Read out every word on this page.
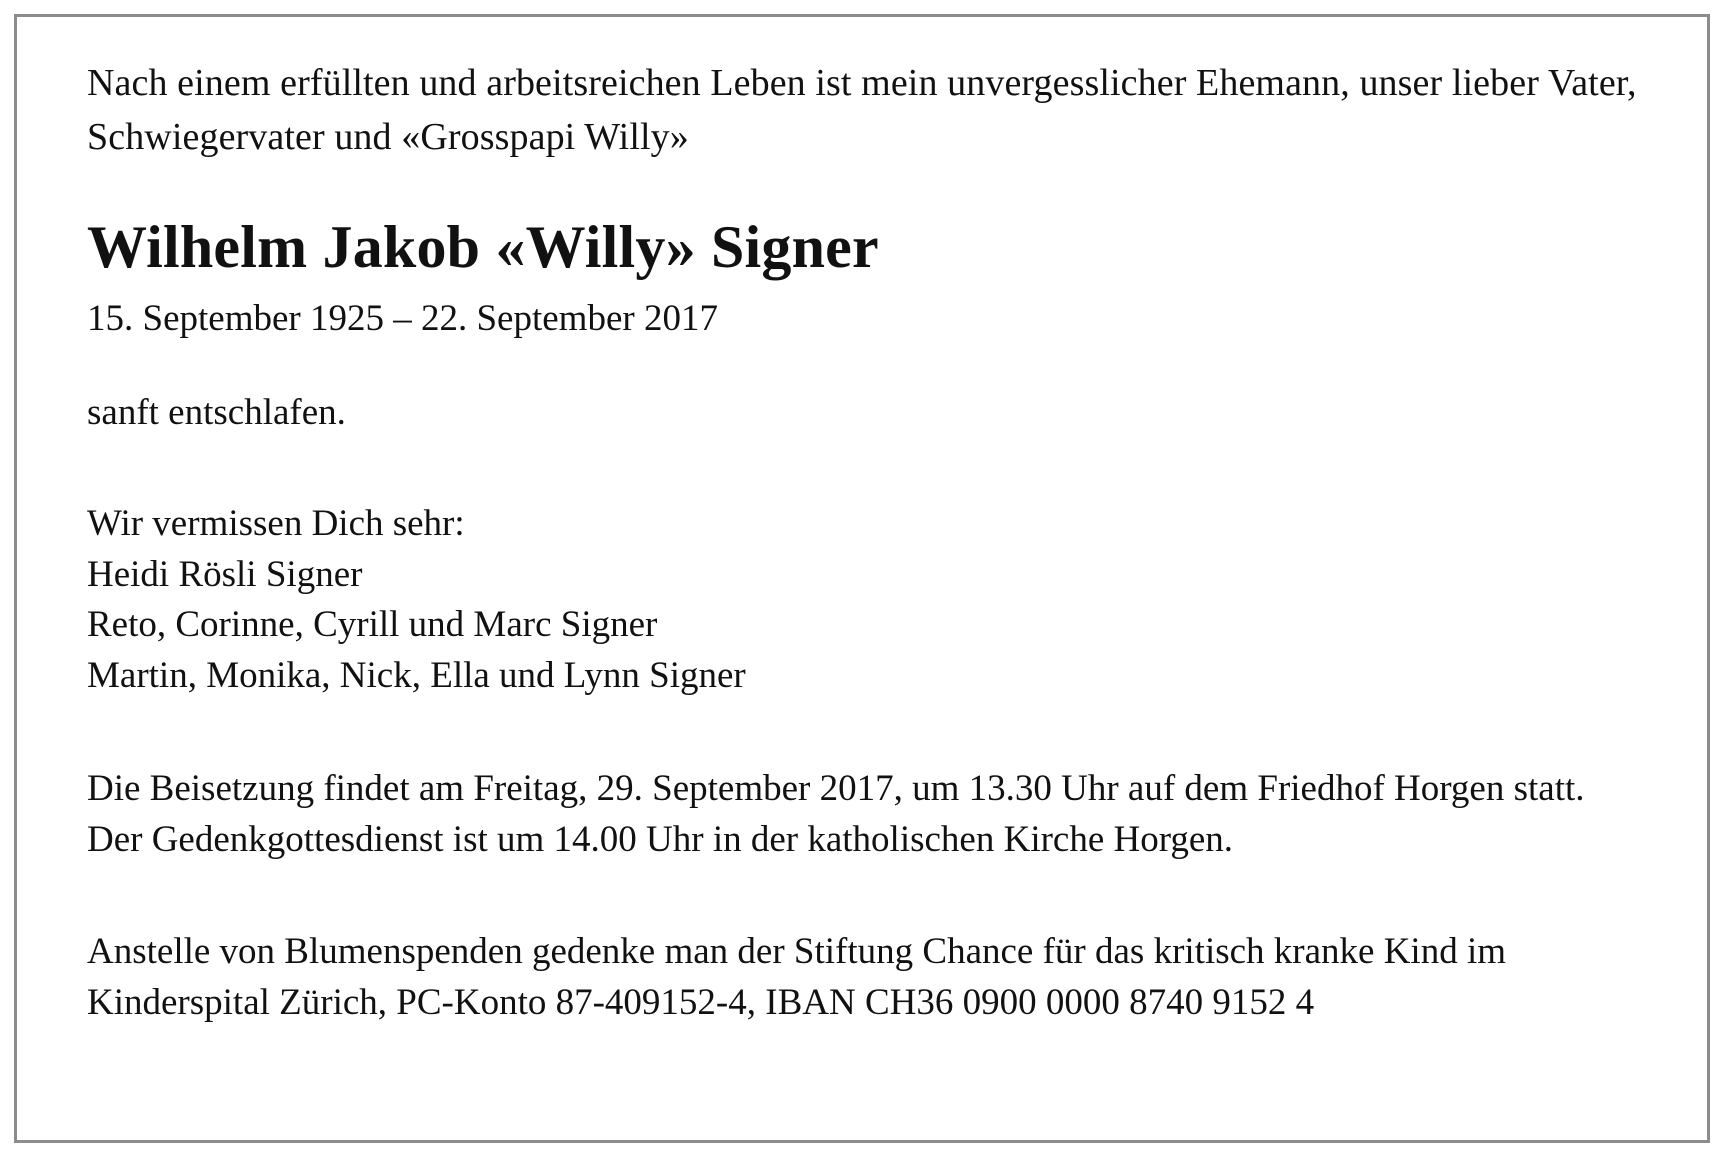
Nach einem erfüllten und arbeitsreichen Leben ist mein unvergesslicher Ehemann, unser lieber Vater, Schwiegervater und «Grosspapi Willy»
Wilhelm Jakob «Willy» Signer
15. September 1925 – 22. September 2017
sanft entschlafen.
Wir vermissen Dich sehr:
Heidi Rösli Signer
Reto, Corinne, Cyrill und Marc Signer
Martin, Monika, Nick, Ella und Lynn Signer

Die Beisetzung findet am Freitag, 29. September 2017, um 13.30 Uhr auf dem Friedhof Horgen statt.

Der Gedenkgottesdienst ist um 14.00 Uhr in der katholischen Kirche Horgen.

Anstelle von Blumenspenden gedenke man der Stiftung Chance für das kritisch kranke Kind im Kinderspital Zürich, PC-Konto 87-409152-4, IBAN CH36 0900 0000 8740 9152 4
